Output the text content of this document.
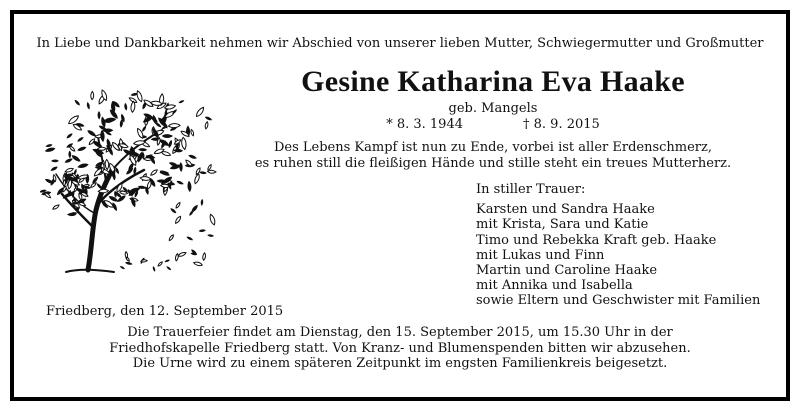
In Liebe und Dankbarkeit nehmen wir Abschied von unserer lieben Mutter, Schwiegermutter und Großmutter
Gesine Katharina Eva Haake
geb. Mangels
* 8. 3. 1944	† 8. 9. 2015
Des Lebens Kampf ist nun zu Ende, vorbei ist aller Erdenschmerz,
es ruhen still die fleißigen Hände und stille steht ein treues Mutterherz.
In stiller Trauer:
Karsten und Sandra Haake
mit Krista, Sara und Katie
Timo und Rebekka Kraft geb. Haake
mit Lukas und Finn
Martin und Caroline Haake
mit Annika und Isabella
sowie Eltern und Geschwister mit Familien
Friedberg, den 12. September 2015
Die Trauerfeier findet am Dienstag, den 15. September 2015, um 15.30 Uhr in der
Friedhofskapelle Friedberg statt. Von Kranz- und Blumenspenden bitten wir abzusehen.
Die Urne wird zu einem späteren Zeitpunkt im engsten Familienkreis beigesetzt.
